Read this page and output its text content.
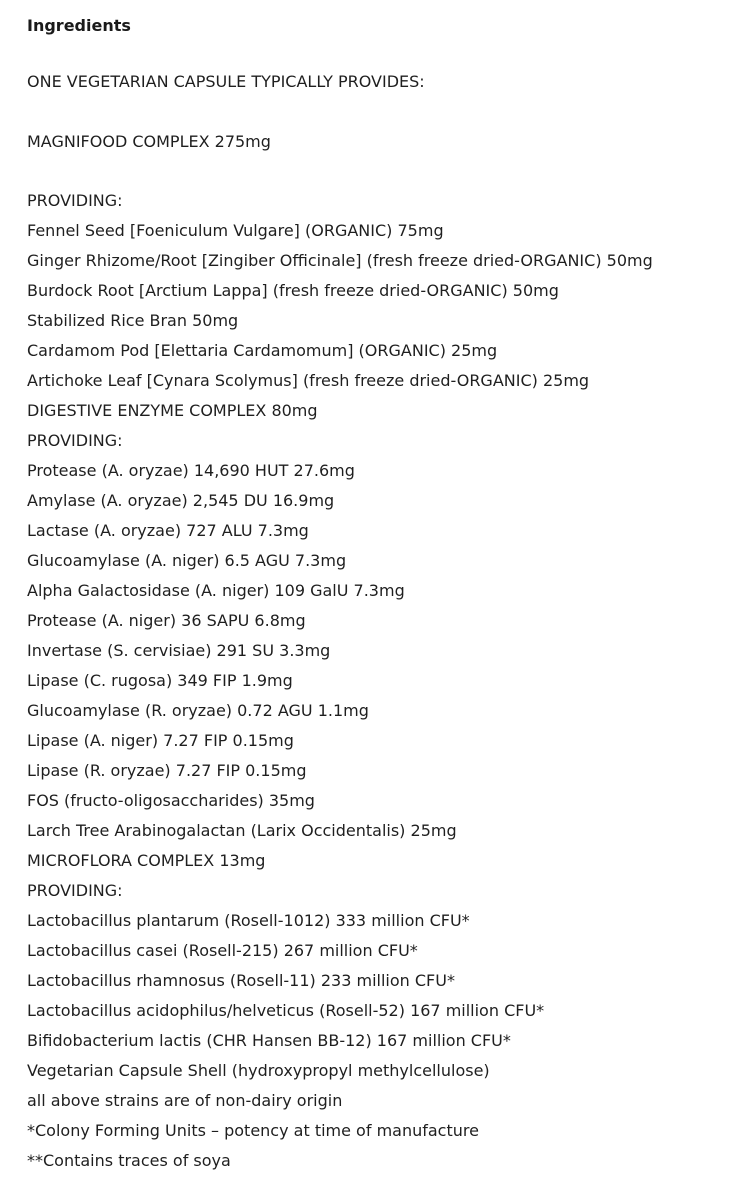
Ingredients
ONE VEGETARIAN CAPSULE TYPICALLY PROVIDES:
MAGNIFOOD COMPLEX 275mg
PROVIDING:
Fennel Seed [Foeniculum Vulgare] (ORGANIC) 75mg
Ginger Rhizome/Root [Zingiber Officinale] (fresh freeze dried-ORGANIC) 50mg
Burdock Root [Arctium Lappa] (fresh freeze dried-ORGANIC) 50mg
Stabilized Rice Bran 50mg
Cardamom Pod [Elettaria Cardamomum] (ORGANIC) 25mg
Artichoke Leaf [Cynara Scolymus] (fresh freeze dried-ORGANIC) 25mg
DIGESTIVE ENZYME COMPLEX 80mg
PROVIDING:
Protease (A. oryzae) 14,690 HUT 27.6mg
Amylase (A. oryzae) 2,545 DU 16.9mg
Lactase (A. oryzae) 727 ALU 7.3mg
Glucoamylase (A. niger) 6.5 AGU 7.3mg
Alpha Galactosidase (A. niger) 109 GalU 7.3mg
Protease (A. niger) 36 SAPU 6.8mg
Invertase (S. cervisiae) 291 SU 3.3mg
Lipase (C. rugosa) 349 FIP 1.9mg
Glucoamylase (R. oryzae) 0.72 AGU 1.1mg
Lipase (A. niger) 7.27 FIP 0.15mg
Lipase (R. oryzae) 7.27 FIP 0.15mg
FOS (fructo-oligosaccharides) 35mg
Larch Tree Arabinogalactan (Larix Occidentalis) 25mg
MICROFLORA COMPLEX 13mg
PROVIDING:
Lactobacillus plantarum (Rosell-1012) 333 million CFU*
Lactobacillus casei (Rosell-215) 267 million CFU*
Lactobacillus rhamnosus (Rosell-11) 233 million CFU*
Lactobacillus acidophilus/helveticus (Rosell-52) 167 million CFU*
Bifidobacterium lactis (CHR Hansen BB-12) 167 million CFU*
Vegetarian Capsule Shell (hydroxypropyl methylcellulose)
all above strains are of non-dairy origin
*Colony Forming Units – potency at time of manufacture
**Contains traces of soya
